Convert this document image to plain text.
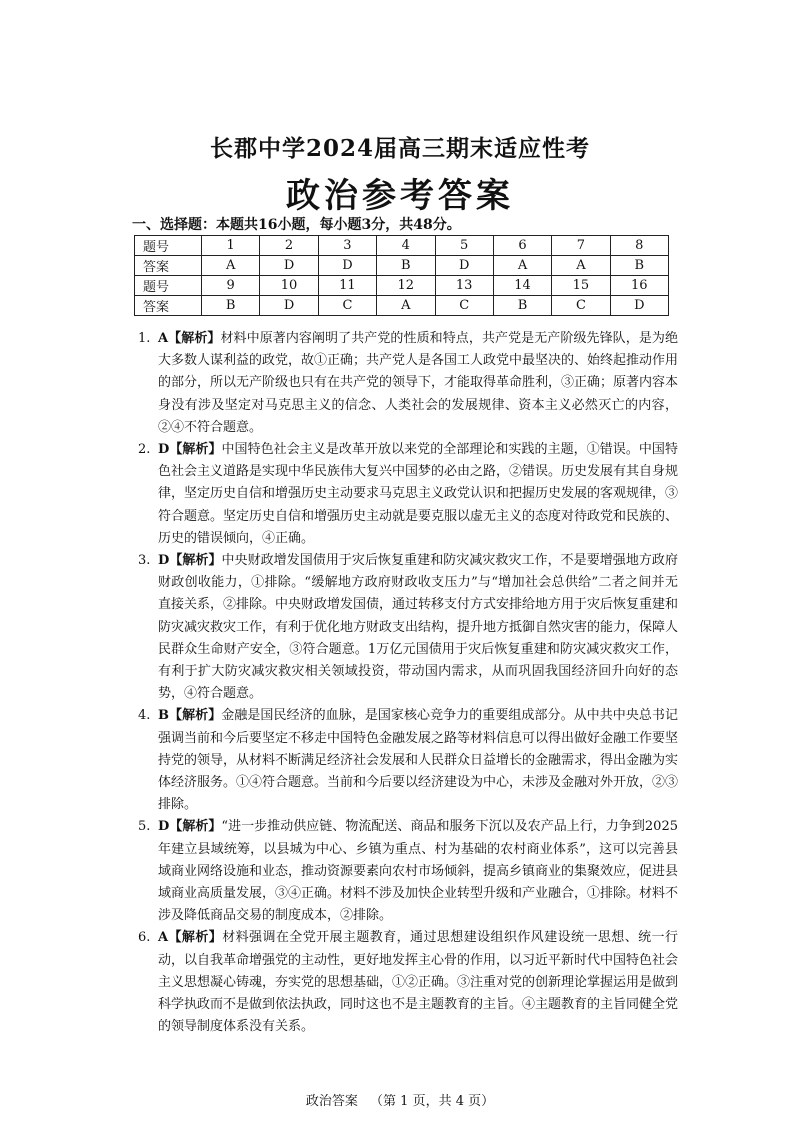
长郡中学2024届高三期末适应性考
政治参考答案
一、选择题：本题共16小题，每小题3分，共48分。
题号	1	2	3	4	5	6	7	8
答案	A	D	D	B	D	A	A	B
题号	9	10	11	12	13	14	15	16
答案	B	D	C	A	C	B	C	D

1. A【解析】材料中原著内容阐明了共产党的性质和特点，共产党是无产阶级先锋队，是为绝大多数人谋利益的政党，故①正确；共产党人是各国工人政党中最坚决的、始终起推动作用的部分，所以无产阶级也只有在共产党的领导下，才能取得革命胜利，③正确；原著内容本身没有涉及坚定对马克思主义的信念、人类社会的发展规律、资本主义必然灭亡的内容，②④不符合题意。

2. D【解析】中国特色社会主义是改革开放以来党的全部理论和实践的主题，①错误。中国特色社会主义道路是实现中华民族伟大复兴中国梦的必由之路，②错误。历史发展有其自身规律，坚定历史自信和增强历史主动要求马克思主义政党认识和把握历史发展的客观规律，③符合题意。坚定历史自信和增强历史主动就是要克服以虚无主义的态度对待政党和民族的、历史的错误倾向，④正确。

3. D【解析】中央财政增发国债用于灾后恢复重建和防灾减灾救灾工作，不是要增强地方政府财政创收能力，①排除。“缓解地方政府财政收支压力”与“增加社会总供给”二者之间并无直接关系，②排除。中央财政增发国债，通过转移支付方式安排给地方用于灾后恢复重建和防灾减灾救灾工作，有利于优化地方财政支出结构，提升地方抵御自然灾害的能力，保障人民群众生命财产安全，③符合题意。1万亿元国债用于灾后恢复重建和防灾减灾救灾工作，有利于扩大防灾减灾救灾相关领域投资，带动国内需求，从而巩固我国经济回升向好的态势，④符合题意。

4. B【解析】金融是国民经济的血脉，是国家核心竞争力的重要组成部分。从中共中央总书记强调当前和今后要坚定不移走中国特色金融发展之路等材料信息可以得出做好金融工作要坚持党的领导，从材料不断满足经济社会发展和人民群众日益增长的金融需求，得出金融为实体经济服务。①④符合题意。当前和今后要以经济建设为中心，未涉及金融对外开放，②③排除。

5. D【解析】“进一步推动供应链、物流配送、商品和服务下沉以及农产品上行，力争到2025年建立县域统筹，以县城为中心、乡镇为重点、村为基础的农村商业体系”，这可以完善县域商业网络设施和业态，推动资源要素向农村市场倾斜，提高乡镇商业的集聚效应，促进县域商业高质量发展，③④正确。材料不涉及加快企业转型升级和产业融合，①排除。材料不涉及降低商品交易的制度成本，②排除。

6. A【解析】材料强调在全党开展主题教育，通过思想建设组织作风建设统一思想、统一行动，以自我革命增强党的主动性，更好地发挥主心骨的作用，以习近平新时代中国特色社会主义思想凝心铸魂，夯实党的思想基础，①②正确。③注重对党的创新理论掌握运用是做到科学执政而不是做到依法执政，同时这也不是主题教育的主旨。④主题教育的主旨同健全党的领导制度体系没有关系。

政治答案 （第 1 页，共 4 页）
